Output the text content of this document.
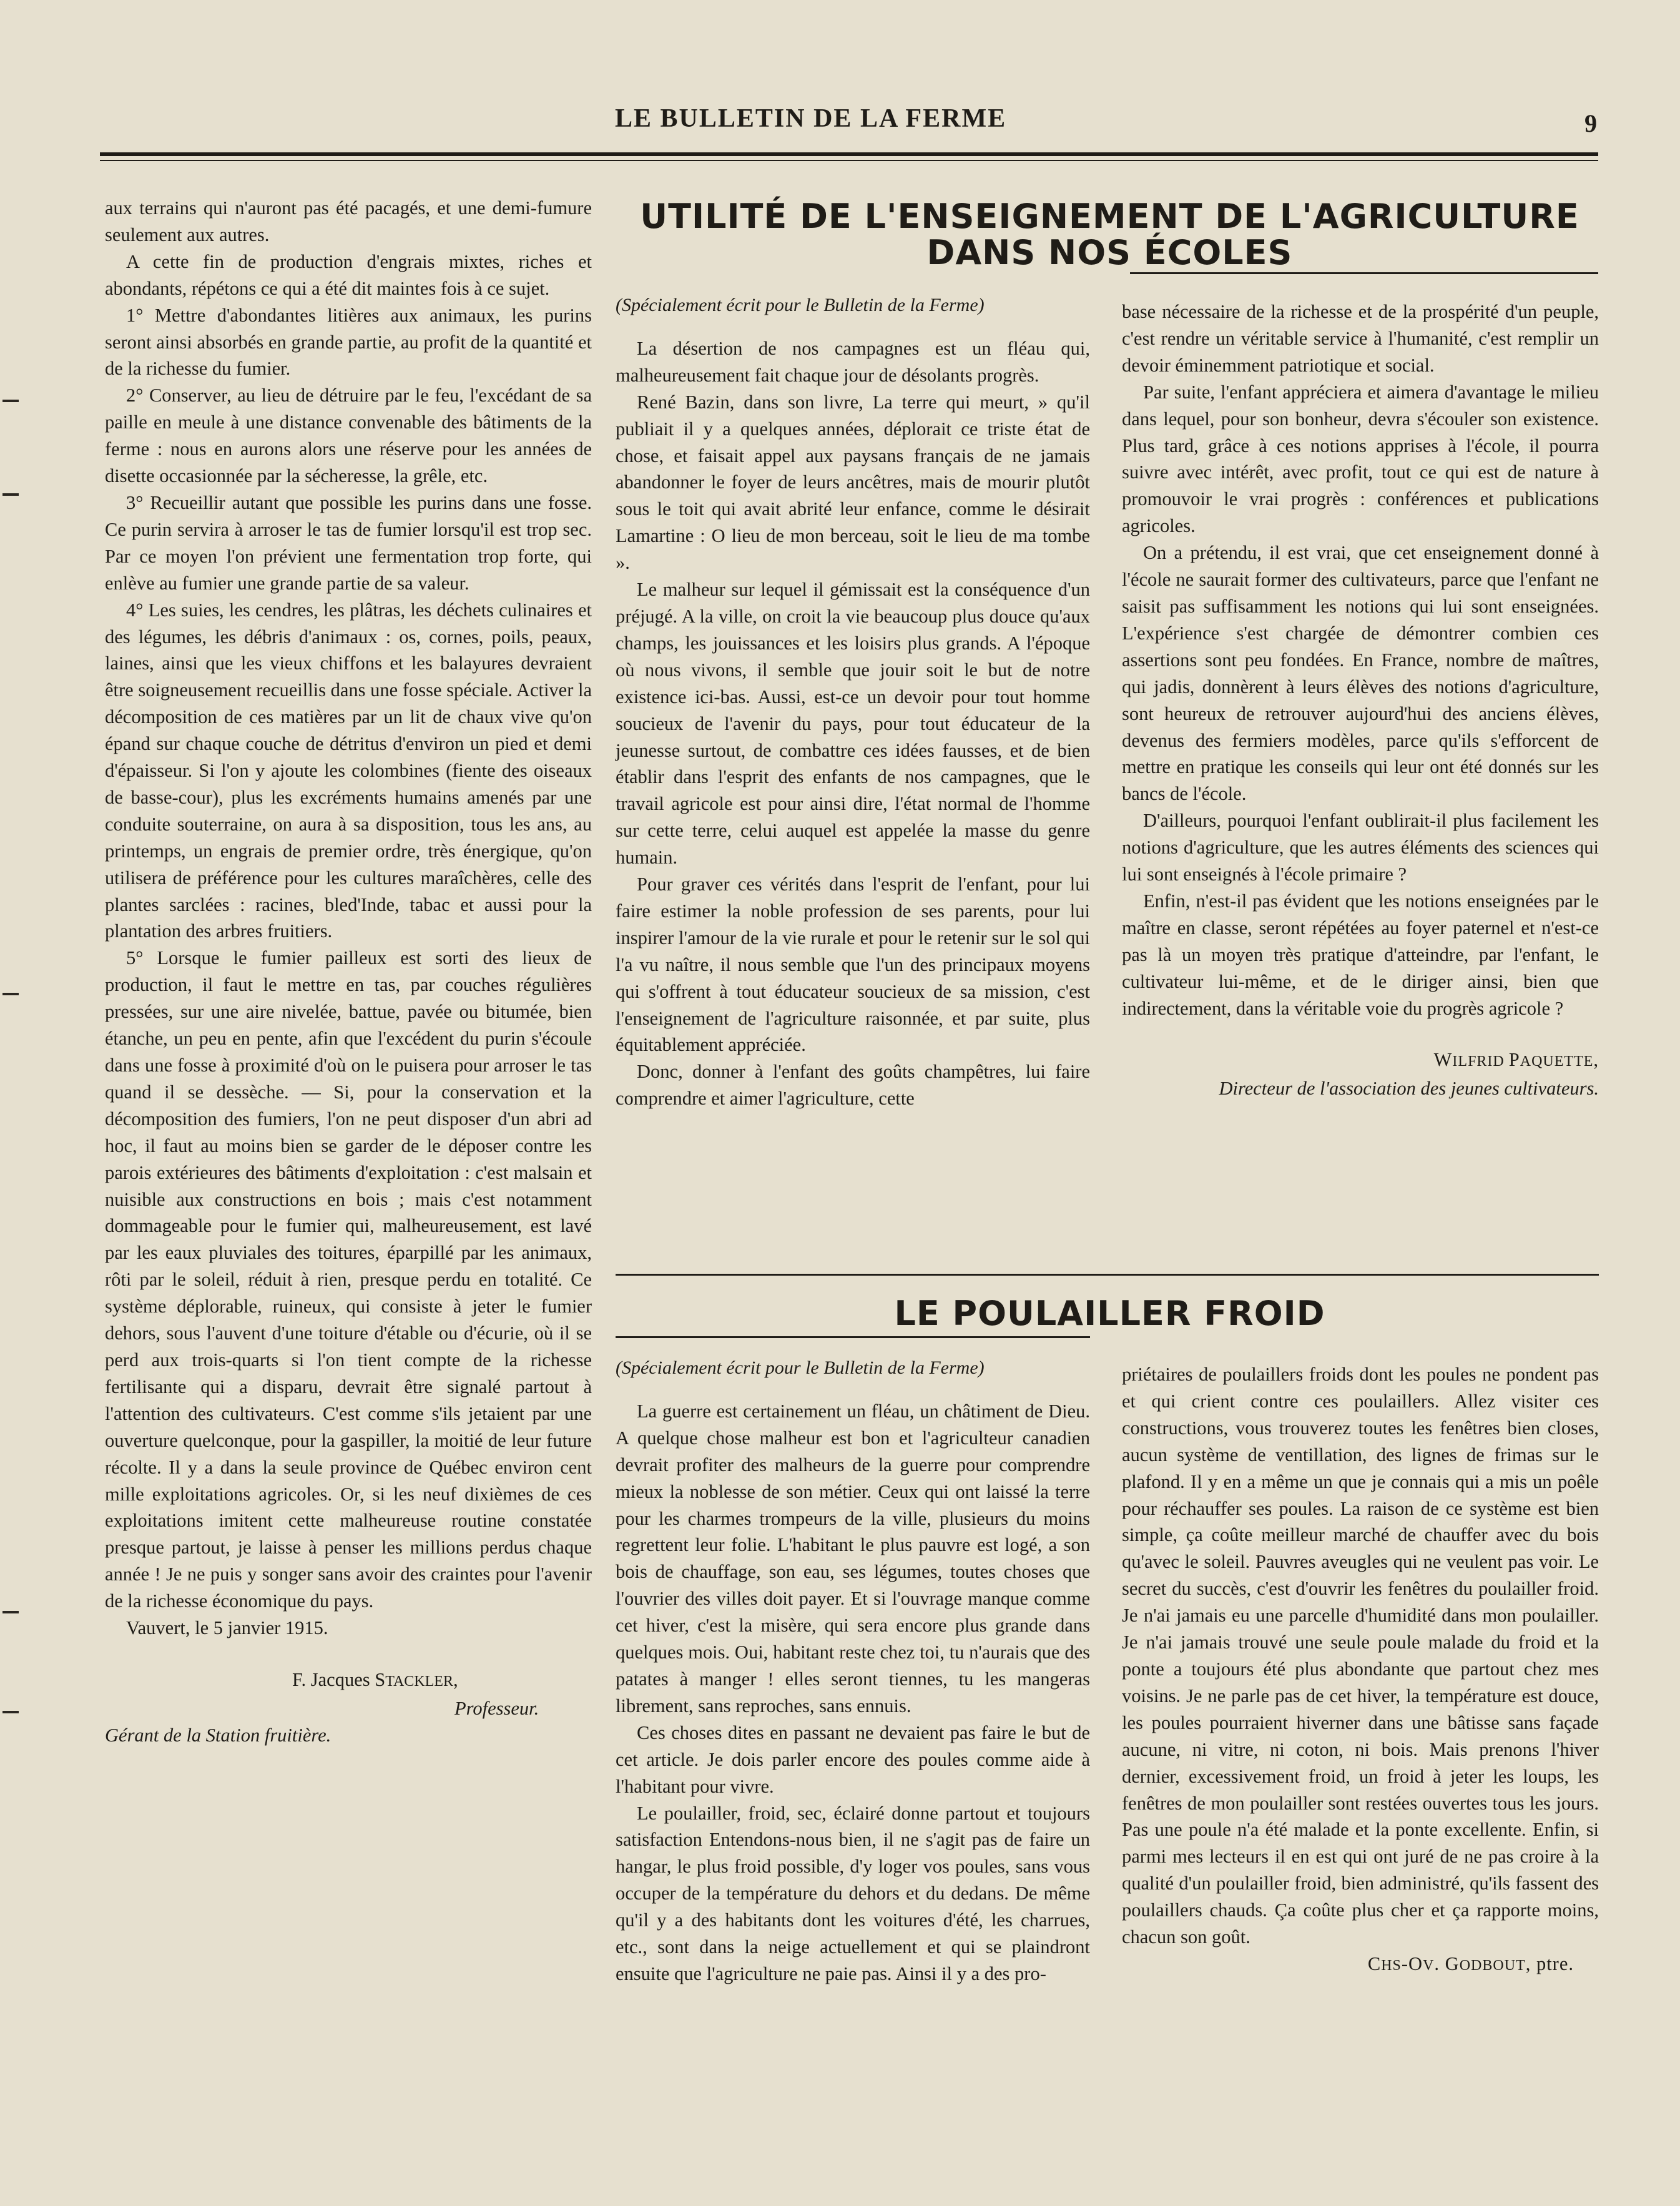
LE BULLETIN DE LA FERME	9

aux terrains qui n'auront pas été pacagés, et une demi-fumure seulement aux autres.

A cette fin de production d'engrais mixtes, riches et abondants, répétons ce qui a été dit maintes fois à ce sujet.

1° Mettre d'abondantes litières aux animaux, les purins seront ainsi absorbés en grande partie, au profit de la quantité et de la richesse du fumier.

2° Conserver, au lieu de détruire par le feu, l'excédant de sa paille en meule à une distance convenable des bâtiments de la ferme : nous en aurons alors une réserve pour les années de disette occasionnée par la sécheresse, la grêle, etc.

3° Recueillir autant que possible les purins dans une fosse. Ce purin servira à arroser le tas de fumier lorsqu'il est trop sec. Par ce moyen l'on prévient une fermentation trop forte, qui enlève au fumier une grande partie de sa valeur.

4° Les suies, les cendres, les plâtras, les déchets culinaires et des légumes, les débris d'animaux : os, cornes, poils, peaux, laines, ainsi que les vieux chiffons et les balayures devraient être soigneusement recueillis dans une fosse spéciale. Activer la décomposition de ces matières par un lit de chaux vive qu'on épand sur chaque couche de détritus d'environ un pied et demi d'épaisseur. Si l'on y ajoute les colombines (fiente des oiseaux de basse-cour), plus les excréments humains amenés par une conduite souterraine, on aura à sa disposition, tous les ans, au printemps, un engrais de premier ordre, très énergique, qu'on utilisera de préférence pour les cultures maraîchères, celle des plantes sarclées : racines, bled'Inde, tabac et aussi pour la plantation des arbres fruitiers.

5° Lorsque le fumier pailleux est sorti des lieux de production, il faut le mettre en tas, par couches régulières pressées, sur une aire nivelée, battue, pavée ou bitumée, bien étanche, un peu en pente, afin que l'excédent du purin s'écoule dans une fosse à proximité d'où on le puisera pour arroser le tas quand il se dessèche. — Si, pour la conservation et la décomposition des fumiers, l'on ne peut disposer d'un abri ad hoc, il faut au moins bien se garder de le déposer contre les parois extérieures des bâtiments d'exploitation : c'est malsain et nuisible aux constructions en bois ; mais c'est notamment dommageable pour le fumier qui, malheureusement, est lavé par les eaux pluviales des toitures, éparpillé par les animaux, rôti par le soleil, réduit à rien, presque perdu en totalité. Ce système déplorable, ruineux, qui consiste à jeter le fumier dehors, sous l'auvent d'une toiture d'étable ou d'écurie, où il se perd aux trois-quarts si l'on tient compte de la richesse fertilisante qui a disparu, devrait être signalé partout à l'attention des cultivateurs. C'est comme s'ils jetaient par une ouverture quelconque, pour la gaspiller, la moitié de leur future récolte. Il y a dans la seule province de Québec environ cent mille exploitations agricoles. Or, si les neuf dixièmes de ces exploitations imitent cette malheureuse routine constatée presque partout, je laisse à penser les millions perdus chaque année ! Je ne puis y songer sans avoir des craintes pour l'avenir de la richesse économique du pays.

Vauvert, le 5 janvier 1915.

F. Jacques STACKLER,
Professeur.
Gérant de la Station fruitière.
UTILITÉ DE L'ENSEIGNEMENT DE L'AGRICULTURE DANS NOS ÉCOLES
(Spécialement écrit pour le Bulletin de la Ferme)

La désertion de nos campagnes est un fléau qui, malheureusement fait chaque jour de désolants progrès.

René Bazin, dans son livre, La terre qui meurt, » qu'il publiait il y a quelques années, déplorait ce triste état de chose, et faisait appel aux paysans français de ne jamais abandonner le foyer de leurs ancêtres, mais de mourir plutôt sous le toit qui avait abrité leur enfance, comme le désirait Lamartine : O lieu de mon berceau, soit le lieu de ma tombe ».

Le malheur sur lequel il gémissait est la conséquence d'un préjugé. A la ville, on croit la vie beaucoup plus douce qu'aux champs, les jouissances et les loisirs plus grands. A l'époque où nous vivons, il semble que jouir soit le but de notre existence ici-bas. Aussi, est-ce un devoir pour tout homme soucieux de l'avenir du pays, pour tout éducateur de la jeunesse surtout, de combattre ces idées fausses, et de bien établir dans l'esprit des enfants de nos campagnes, que le travail agricole est pour ainsi dire, l'état normal de l'homme sur cette terre, celui auquel est appelée la masse du genre humain.

Pour graver ces vérités dans l'esprit de l'enfant, pour lui faire estimer la noble profession de ses parents, pour lui inspirer l'amour de la vie rurale et pour le retenir sur le sol qui l'a vu naître, il nous semble que l'un des principaux moyens qui s'offrent à tout éducateur soucieux de sa mission, c'est l'enseignement de l'agriculture raisonnée, et par suite, plus équitablement appréciée.

Donc, donner à l'enfant des goûts champêtres, lui faire comprendre et aimer l'agriculture, cette

base nécessaire de la richesse et de la prospérité d'un peuple, c'est rendre un véritable service à l'humanité, c'est remplir un devoir éminemment patriotique et social.

Par suite, l'enfant appréciera et aimera d'avantage le milieu dans lequel, pour son bonheur, devra s'écouler son existence. Plus tard, grâce à ces notions apprises à l'école, il pourra suivre avec intérêt, avec profit, tout ce qui est de nature à promouvoir le vrai progrès : conférences et publications agricoles.

On a prétendu, il est vrai, que cet enseignement donné à l'école ne saurait former des cultivateurs, parce que l'enfant ne saisit pas suffisamment les notions qui lui sont enseignées. L'expérience s'est chargée de démontrer combien ces assertions sont peu fondées. En France, nombre de maîtres, qui jadis, donnèrent à leurs élèves des notions d'agriculture, sont heureux de retrouver aujourd'hui des anciens élèves, devenus des fermiers modèles, parce qu'ils s'efforcent de mettre en pratique les conseils qui leur ont été donnés sur les bancs de l'école.

D'ailleurs, pourquoi l'enfant oublirait-il plus facilement les notions d'agriculture, que les autres éléments des sciences qui lui sont enseignés à l'école primaire ?

Enfin, n'est-il pas évident que les notions enseignées par le maître en classe, seront répétées au foyer paternel et n'est-ce pas là un moyen très pratique d'atteindre, par l'enfant, le cultivateur lui-même, et de le diriger ainsi, bien que indirectement, dans la véritable voie du progrès agricole ?

WILFRID PAQUETTE,
Directeur de l'association des jeunes cultivateurs.
LE POULAILLER FROID
(Spécialement écrit pour le Bulletin de la Ferme)

La guerre est certainement un fléau, un châtiment de Dieu. A quelque chose malheur est bon et l'agriculteur canadien devrait profiter des malheurs de la guerre pour comprendre mieux la noblesse de son métier. Ceux qui ont laissé la terre pour les charmes trompeurs de la ville, plusieurs du moins regrettent leur folie. L'habitant le plus pauvre est logé, a son bois de chauffage, son eau, ses légumes, toutes choses que l'ouvrier des villes doit payer. Et si l'ouvrage manque comme cet hiver, c'est la misère, qui sera encore plus grande dans quelques mois. Oui, habitant reste chez toi, tu n'aurais que des patates à manger ! elles seront tiennes, tu les mangeras librement, sans reproches, sans ennuis.

Ces choses dites en passant ne devaient pas faire le but de cet article. Je dois parler encore des poules comme aide à l'habitant pour vivre.

Le poulailler, froid, sec, éclairé donne partout et toujours satisfaction Entendons-nous bien, il ne s'agit pas de faire un hangar, le plus froid possible, d'y loger vos poules, sans vous occuper de la température du dehors et du dedans. De même qu'il y a des habitants dont les voitures d'été, les charrues, etc., sont dans la neige actuellement et qui se plaindront ensuite que l'agriculture ne paie pas. Ainsi il y a des pro-

priétaires de poulaillers froids dont les poules ne pondent pas et qui crient contre ces poulaillers. Allez visiter ces constructions, vous trouverez toutes les fenêtres bien closes, aucun système de ventillation, des lignes de frimas sur le plafond. Il y en a même un que je connais qui a mis un poêle pour réchauffer ses poules. La raison de ce système est bien simple, ça coûte meilleur marché de chauffer avec du bois qu'avec le soleil. Pauvres aveugles qui ne veulent pas voir. Le secret du succès, c'est d'ouvrir les fenêtres du poulailler froid. Je n'ai jamais eu une parcelle d'humidité dans mon poulailler. Je n'ai jamais trouvé une seule poule malade du froid et la ponte a toujours été plus abondante que partout chez mes voisins. Je ne parle pas de cet hiver, la température est douce, les poules pourraient hiverner dans une bâtisse sans façade aucune, ni vitre, ni coton, ni bois. Mais prenons l'hiver dernier, excessivement froid, un froid à jeter les loups, les fenêtres de mon poulailler sont restées ouvertes tous les jours. Pas une poule n'a été malade et la ponte excellente. Enfin, si parmi mes lecteurs il en est qui ont juré de ne pas croire à la qualité d'un poulailler froid, bien administré, qu'ils fassent des poulaillers chauds. Ça coûte plus cher et ça rapporte moins, chacun son goût.

CHS-OV. GODBOUT, ptre.
